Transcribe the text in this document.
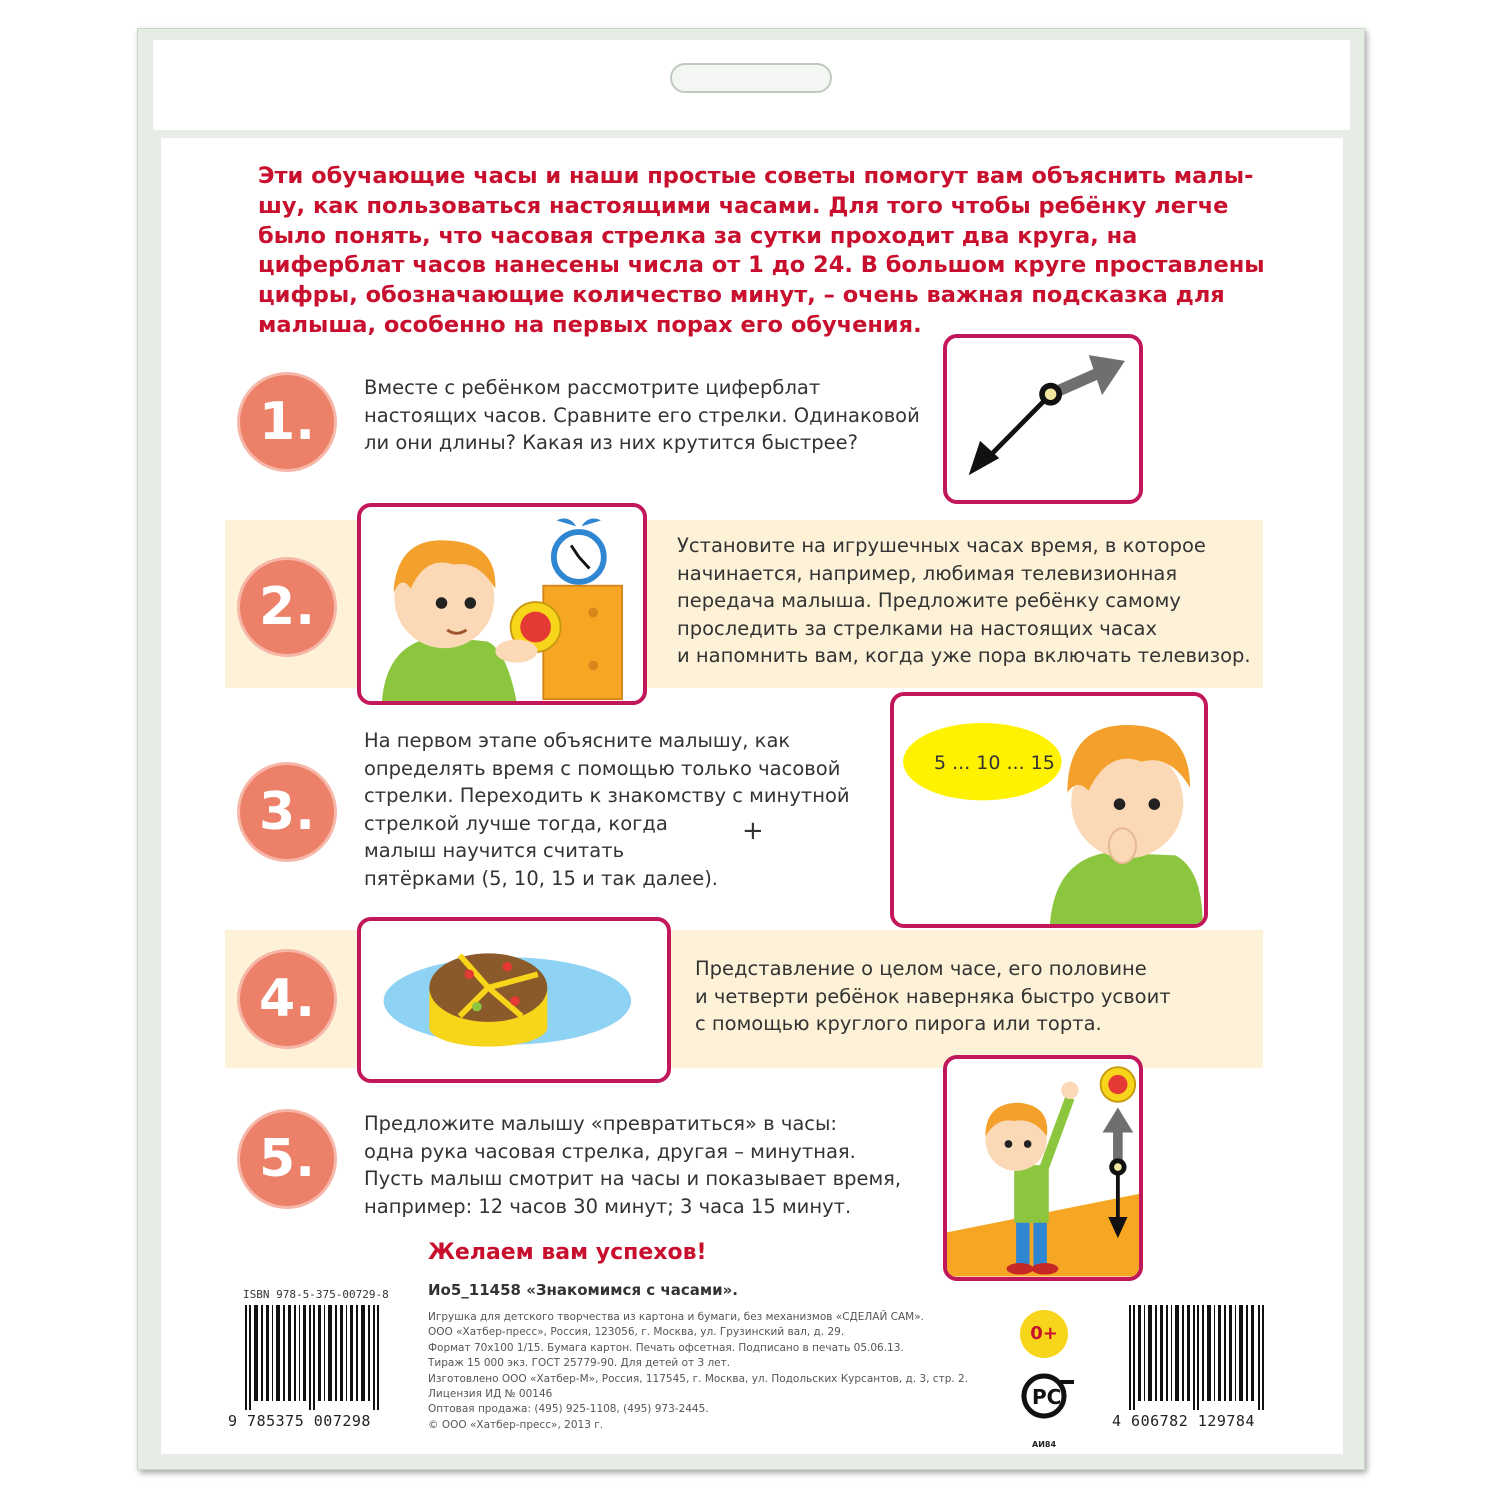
Эти обучающие часы и наши простые советы помогут вам объяснить малы-шу, как пользоваться настоящими часами. Для того чтобы ребёнку легче было понять, что часовая стрелка за сутки проходит два круга, на циферблат часов нанесены числа от 1 до 24. В большом круге проставлены цифры, обозначающие количество минут, – очень важная подсказка для малыша, особенно на первых порах его обучения.

1.
Вместе с ребёнком рассмотрите циферблат
настоящих часов. Сравните его стрелки. Одинаковой
ли они длины? Какая из них крутится быстрее?
2.
Установите на игрушечных часах время, в которое
начинается, например, любимая телевизионная
передача малыша. Предложите ребёнку самому
проследить за стрелками на настоящих часах
и напомнить вам, когда уже пора включать телевизор.
3.
На первом этапе объясните малышу, как
определять время с помощью только часовой
стрелки. Переходить к знакомству с минутной
стрелкой лучше тогда, когда
малыш научится считать
пятёрками (5, 10, 15 и так далее).
+
5 ... 10 ... 15
4.
Представление о целом часе, его половине
и четверти ребёнок наверняка быстро усвоит
с помощью круглого пирога или торта.
5.
Предложите малышу «превратиться» в часы:
одна рука часовая стрелка, другая – минутная.
Пусть малыш смотрит на часы и показывает время,
например: 12 часов 30 минут; 3 часа 15 минут.

Желаем вам успехов!

Ио5_11458 «Знакомимся с часами».

Игрушка для детского творчества из картона и бумаги, без механизмов «СДЕЛАЙ САМ».
ООО «Хатбер-пресс», Россия, 123056, г. Москва, ул. Грузинский вал, д. 29.
Формат 70x100 1/15. Бумага картон. Печать офсетная. Подписано в печать 05.06.13.
Тираж 15 000 экз. ГОСТ 25779-90. Для детей от 3 лет.
Изготовлено ООО «Хатбер-М», Россия, 117545, г. Москва, ул. Подольских Курсантов, д. 3, стр. 2.
Лицензия ИД № 00146
Оптовая продажа: (495) 925-1108, (495) 973-2445.
© ООО «Хатбер-пресс», 2013 г.
ISBN 978-5-375-00729-8
9 785375 007298
0+
РС
АИ84
4 606782 129784
